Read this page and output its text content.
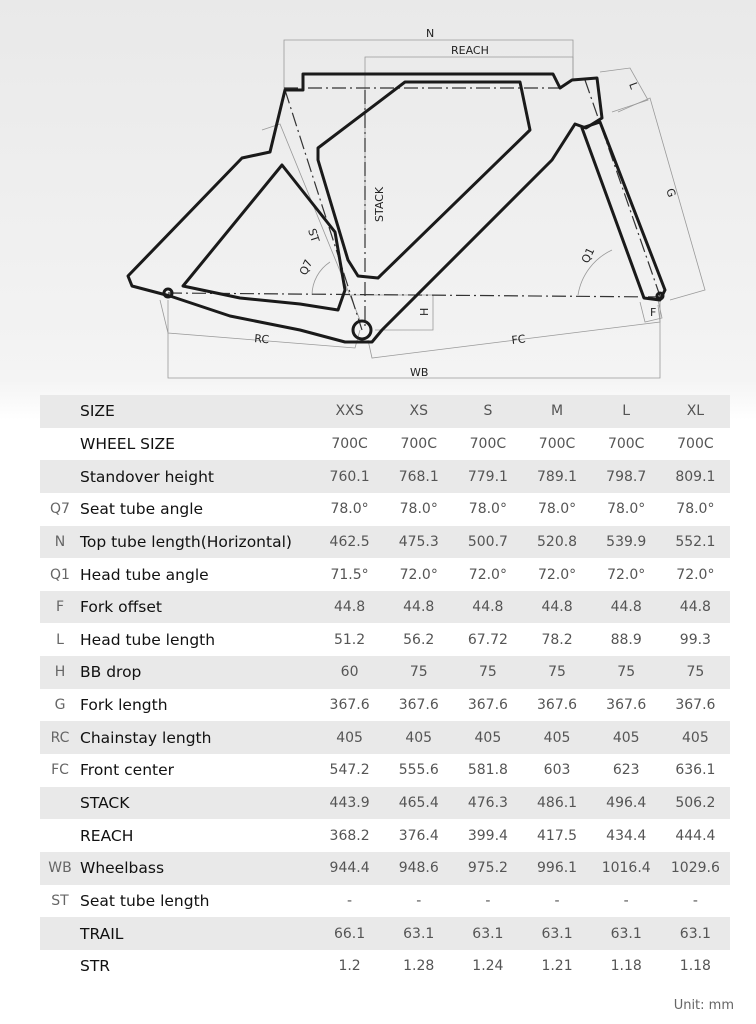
N
REACH
STACK
ST
Q7
H
RC	FC
WB
L
G
Q1
F
	SIZE	XXS	XS	S	M	L	XL
	WHEEL SIZE	700C	700C	700C	700C	700C	700C
	Standover height	760.1	768.1	779.1	789.1	798.7	809.1
Q7	Seat tube angle	78.0°	78.0°	78.0°	78.0°	78.0°	78.0°
N	Top tube length(Horizontal)	462.5	475.3	500.7	520.8	539.9	552.1
Q1	Head tube angle	71.5°	72.0°	72.0°	72.0°	72.0°	72.0°
F	Fork offset	44.8	44.8	44.8	44.8	44.8	44.8
L	Head tube length	51.2	56.2	67.72	78.2	88.9	99.3
H	BB drop	60	75	75	75	75	75
G	Fork length	367.6	367.6	367.6	367.6	367.6	367.6
RC	Chainstay length	405	405	405	405	405	405
FC	Front center	547.2	555.6	581.8	603	623	636.1
	STACK	443.9	465.4	476.3	486.1	496.4	506.2
	REACH	368.2	376.4	399.4	417.5	434.4	444.4
WB	Wheelbass	944.4	948.6	975.2	996.1	1016.4	1029.6
ST	Seat tube length	-	-	-	-	-	-
	TRAIL	66.1	63.1	63.1	63.1	63.1	63.1
	STR	1.2	1.28	1.24	1.21	1.18	1.18
Unit: mm
